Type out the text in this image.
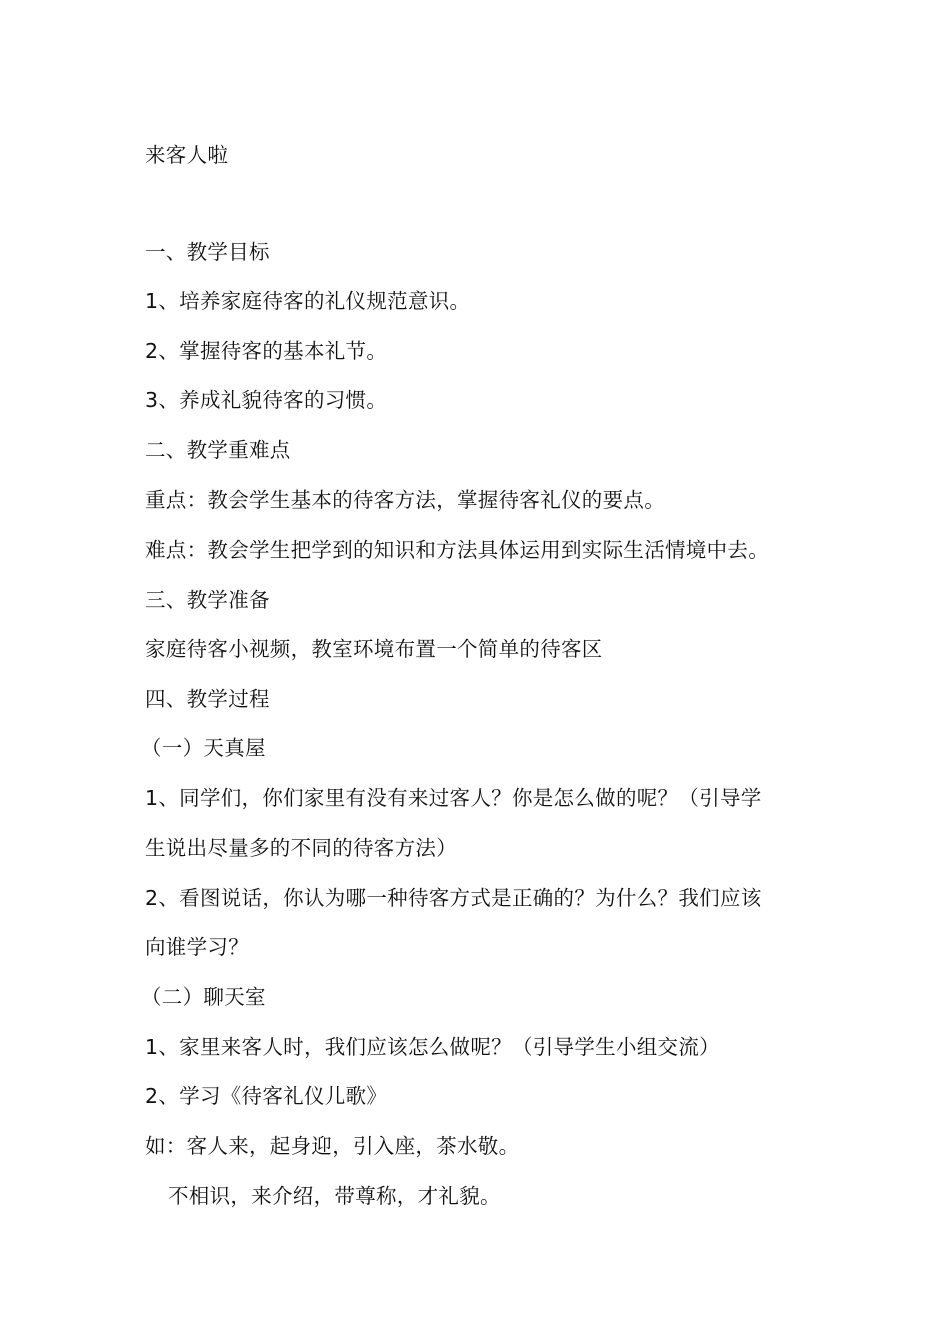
来客人啦
一、教学目标
1、培养家庭待客的礼仪规范意识。
2、掌握待客的基本礼节。
3、养成礼貌待客的习惯。
二、教学重难点
重点：教会学生基本的待客方法，掌握待客礼仪的要点。
难点：教会学生把学到的知识和方法具体运用到实际生活情境中去。
三、教学准备
家庭待客小视频，教室环境布置一个简单的待客区
四、教学过程
（一）天真屋
1、同学们，你们家里有没有来过客人？你是怎么做的呢？（引导学
生说出尽量多的不同的待客方法）
2、看图说话，你认为哪一种待客方式是正确的？为什么？我们应该
向谁学习？
（二）聊天室
1、家里来客人时，我们应该怎么做呢？（引导学生小组交流）
2、学习《待客礼仪儿歌》
如：客人来，起身迎，引入座，茶水敬。
不相识，来介绍，带尊称，才礼貌。
